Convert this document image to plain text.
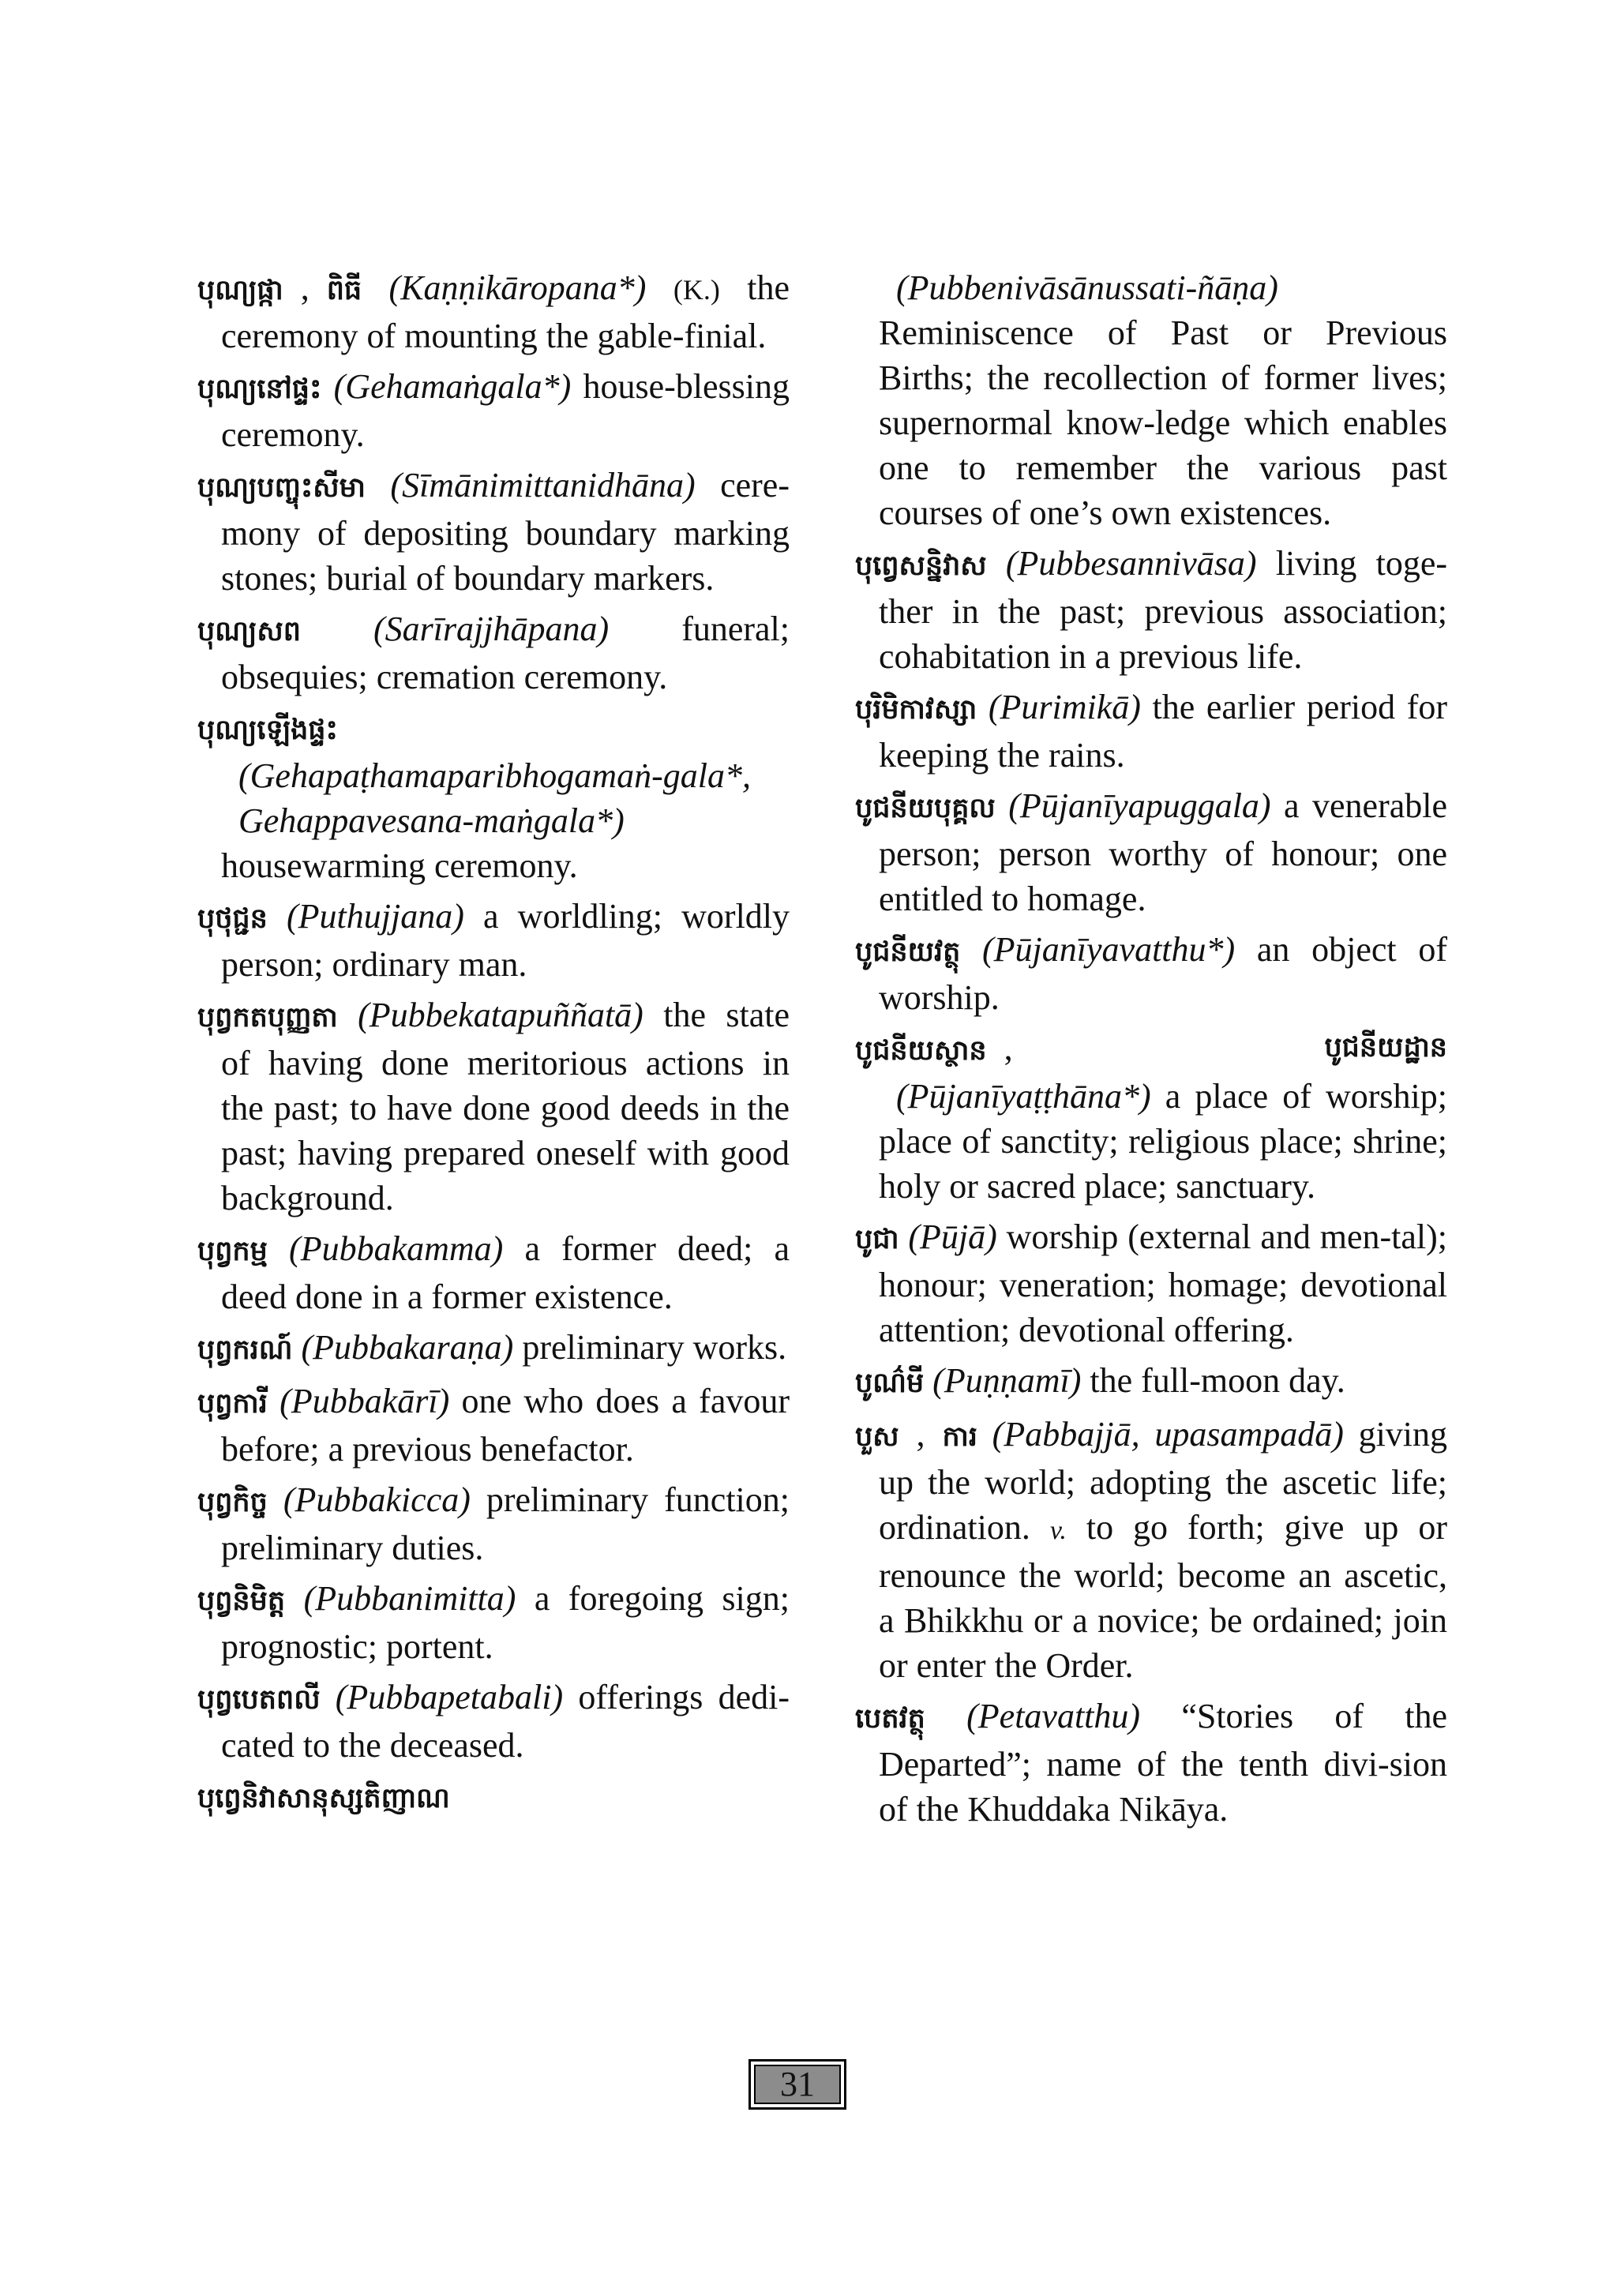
បុណ្យផ្កា , ពិធី (Kaṇṇikāropana*) (K.) the ceremony of mounting the gable-finial.

បុណ្យនៅផ្ទះ (Gehamaṅgala*) house-blessing ceremony.

បុណ្យបញ្ចុះសីមា (Sīmānimittanidhāna) cere-mony of depositing boundary marking stones; burial of boundary markers.

បុណ្យសព (Sarīrajjhāpana) funeral; obsequies; cremation ceremony.

បុណ្យឡើងផ្ទះ
(Gehapaṭhamaparibhogamaṅ-gala*,
Gehappavesana-maṅgala*)
housewarming ceremony.

បុថុជ្ជន (Puthujjana) a worldling; worldly person; ordinary man.

បុព្វកតបុញ្ញតា (Pubbekatapuññatā) the state of having done meritorious actions in the past; to have done good deeds in the past; having prepared oneself with good background.

បុព្វកម្ម (Pubbakamma) a former deed; a deed done in a former existence.

បុព្វករណ៍ (Pubbakaraṇa) preliminary works.

បុព្វការី (Pubbakārī) one who does a favour before; a previous benefactor.

បុព្វកិច្ច (Pubbakicca) preliminary function; preliminary duties.

បុព្វនិមិត្ត (Pubbanimitta) a foregoing sign; prognostic; portent.

បុព្វបេតពលី (Pubbapetabali) offerings dedi-cated to the deceased.

បុព្វេនិវាសានុស្សតិញាណ

(Pubbenivāsānussati-ñāṇa)
Reminiscence of Past or Previous Births; the recollection of former lives; supernormal know-ledge which enables one to remember the various past courses of one’s own existences.

បុព្វេសន្និវាស (Pubbesannivāsa) living toge-ther in the past; previous association; cohabitation in a previous life.

បុរិមិកាវស្សា (Purimikā) the earlier period for keeping the rains.

បូជនីយបុគ្គល (Pūjanīyapuggala) a venerable person; person worthy of honour; one entitled to homage.

បូជនីយវត្ថុ (Pūjanīyavatthu*) an object of worship.

បូជនីយស្ថាន ,	បូជនីយដ្ឋាន
(Pūjanīyaṭṭhāna*) a place of worship; place of sanctity; religious place; shrine; holy or sacred place; sanctuary.

បូជា (Pūjā) worship (external and men-tal); honour; veneration; homage; devotional attention; devotional offering.

បូណ៌មី (Puṇṇamī) the full-moon day.

បួស , ការ (Pabbajjā, upasampadā) giving up the world; adopting the ascetic life; ordination. v. to go forth; give up or renounce the world; become an ascetic, a Bhikkhu or a novice; be ordained; join or enter the Order.

បេតវត្ថុ (Petavatthu) “Stories of the Departed”; name of the tenth divi-sion of the Khuddaka Nikāya.

31
